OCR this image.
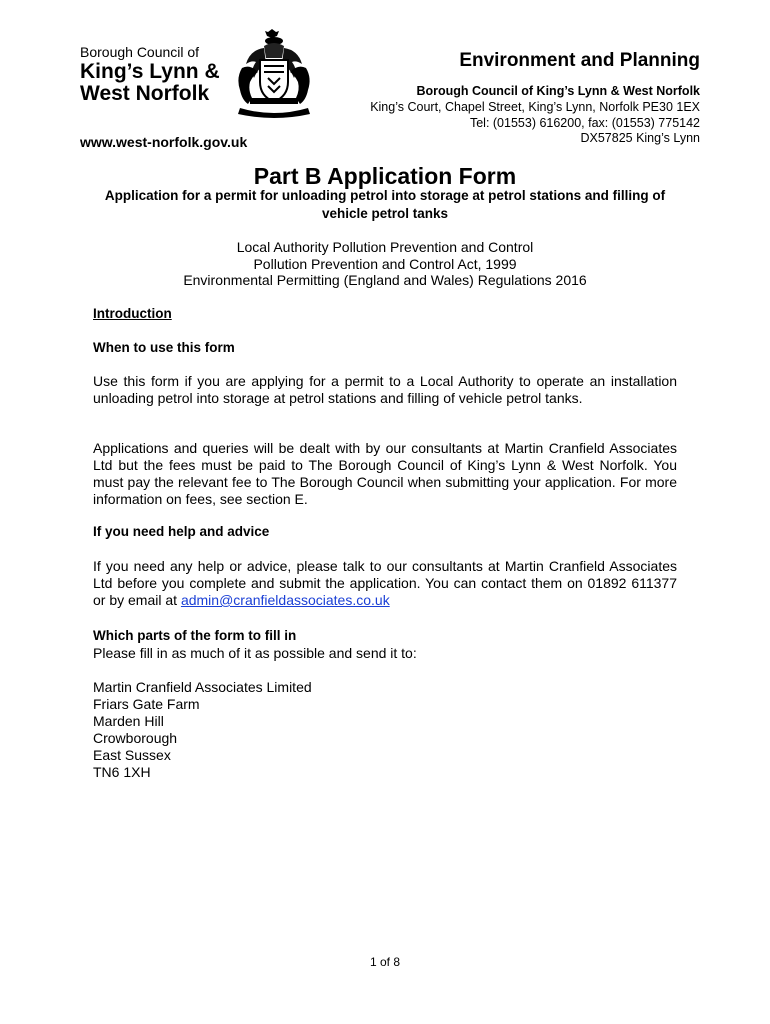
Borough Council of
King’s Lynn &
West Norfolk
www.west-norfolk.gov.uk
Environment and Planning
Borough Council of King’s Lynn & West Norfolk
King’s Court, Chapel Street, King’s Lynn, Norfolk PE30 1EX
Tel: (01553) 616200, fax: (01553) 775142
DX57825 King’s Lynn
Part B Application Form
Application for a permit for unloading petrol into storage at petrol stations and filling of vehicle petrol tanks
Local Authority Pollution Prevention and Control
Pollution Prevention and Control Act, 1999
Environmental Permitting (England and Wales) Regulations 2016
Introduction
When to use this form
Use this form if you are applying for a permit to a Local Authority to operate an installation unloading petrol into storage at petrol stations and filling of vehicle petrol tanks.
Applications and queries will be dealt with by our consultants at Martin Cranfield Associates Ltd but the fees must be paid to The Borough Council of King’s Lynn & West Norfolk. You must pay the relevant fee to The Borough Council when submitting your application. For more information on fees, see section E.
If you need help and advice
If you need any help or advice, please talk to our consultants at Martin Cranfield Associates Ltd before you complete and submit the application. You can contact them on 01892 611377 or by email at admin@cranfieldassociates.co.uk
Which parts of the form to fill in
Please fill in as much of it as possible and send it to:
Martin Cranfield Associates Limited
Friars Gate Farm
Marden Hill
Crowborough
East Sussex
TN6 1XH
1 of 8
